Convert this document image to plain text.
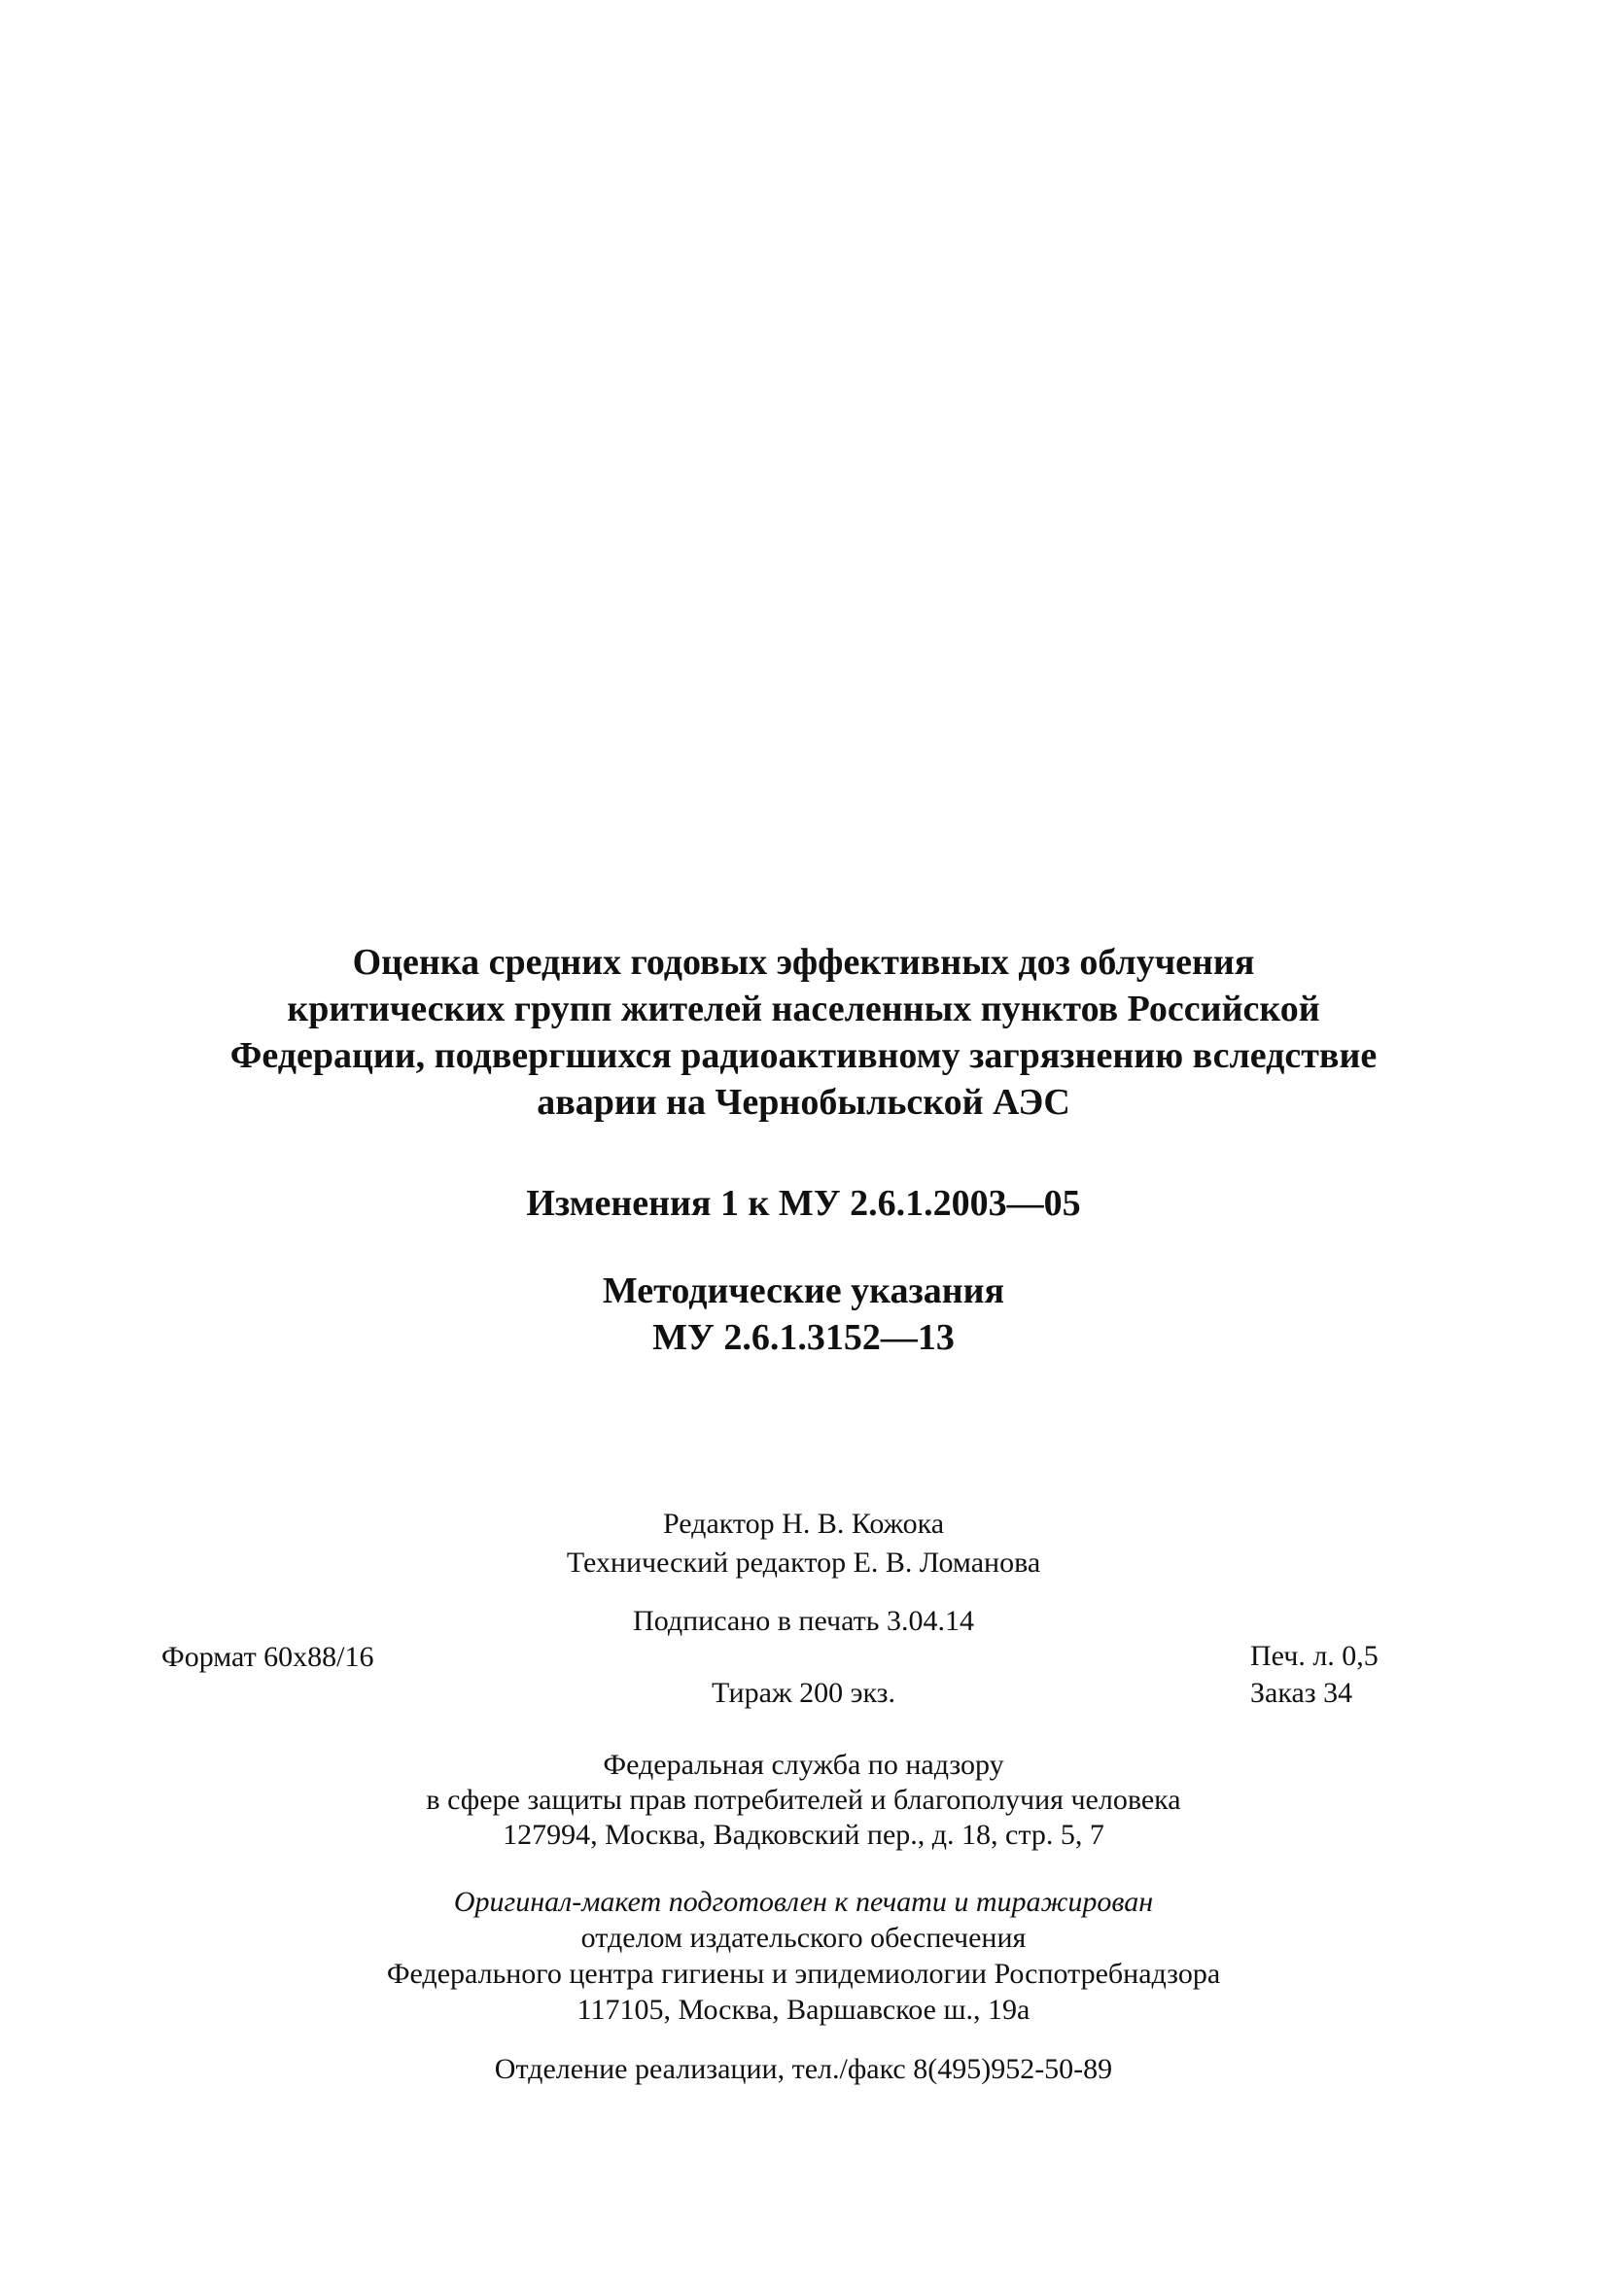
Оценка средних годовых эффективных доз облучения
критических групп жителей населенных пунктов Российской
Федерации, подвергшихся радиоактивному загрязнению вследствие
аварии на Чернобыльской АЭС
Изменения 1 к МУ 2.6.1.2003—05
Методические указания
МУ 2.6.1.3152—13
Редактор Н. В. Кожока
Технический редактор Е. В. Ломанова
Подписано в печать 3.04.14
Формат 60x88/16	Печ. л. 0,5
Заказ 34
Тираж 200 экз.
Федеральная служба по надзору
в сфере защиты прав потребителей и благополучия человека
127994, Москва, Вадковский пер., д. 18, стр. 5, 7
Оригинал-макет подготовлен к печати и тиражирован
отделом издательского обеспечения
Федерального центра гигиены и эпидемиологии Роспотребнадзора
117105, Москва, Варшавское ш., 19а
Отделение реализации, тел./факс 8(495)952-50-89
